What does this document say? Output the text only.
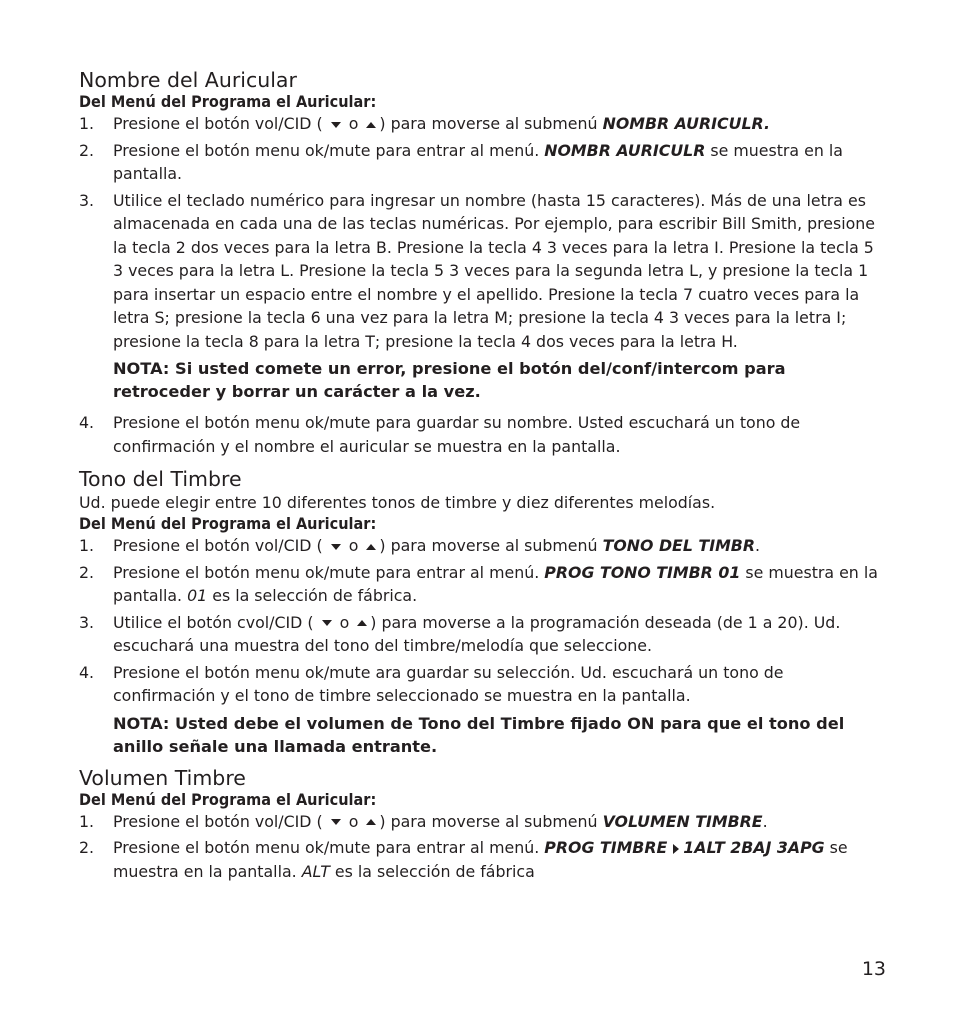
Nombre del Auricular

Del Menú del Programa el Auricular:

1. Presione el botón vol/CID ( o ) para moverse al submenú NOMBR AURICULR.
2. Presione el botón menu ok/mute para entrar al menú. NOMBR AURICULR se muestra en la pantalla.
3. Utilice el teclado numérico para ingresar un nombre (hasta 15 caracteres). Más de una letra es almacenada en cada una de las teclas numéricas. Por ejemplo, para escribir Bill Smith, presione la tecla 2 dos veces para la letra B. Presione la tecla 4 3 veces para la letra I. Presione la tecla 5 3 veces para la letra L. Presione la tecla 5 3 veces para la segunda letra L, y presione la tecla 1 para insertar un espacio entre el nombre y el apellido. Presione la tecla 7 cuatro veces para la letra S; presione la tecla 6 una vez para la letra M; presione la tecla 4 3 veces para la letra I; presione la tecla 8 para la letra T; presione la tecla 4 dos veces para la letra H.

NOTA: Si usted comete un error, presione el botón del/conf/intercom para retroceder y borrar un carácter a la vez.

4. Presione el botón menu ok/mute para guardar su nombre. Usted escuchará un tono de confirmación y el nombre el auricular se muestra en la pantalla.
Tono del Timbre

Ud. puede elegir entre 10 diferentes tonos de timbre y diez diferentes melodías.

Del Menú del Programa el Auricular:

1. Presione el botón vol/CID ( o ) para moverse al submenú TONO DEL TIMBR.
2. Presione el botón menu ok/mute para entrar al menú. PROG TONO TIMBR 01 se muestra en la pantalla. 01 es la selección de fábrica.
3. Utilice el botón cvol/CID ( o ) para moverse a la programación deseada (de 1 a 20). Ud. escuchará una muestra del tono del timbre/melodía que seleccione.
4. Presione el botón menu ok/mute ara guardar su selección. Ud. escuchará un tono de confirmación y el tono de timbre seleccionado se muestra en la pantalla.

NOTA: Usted debe el volumen de Tono del Timbre fijado ON para que el tono del anillo señale una llamada entrante.

Volumen Timbre

Del Menú del Programa el Auricular:

1. Presione el botón vol/CID ( o ) para moverse al submenú VOLUMEN TIMBRE.
2. Presione el botón menu ok/mute para entrar al menú. PROG TIMBRE 1ALT 2BAJ 3APG se muestra en la pantalla. ALT es la selección de fábrica
13
